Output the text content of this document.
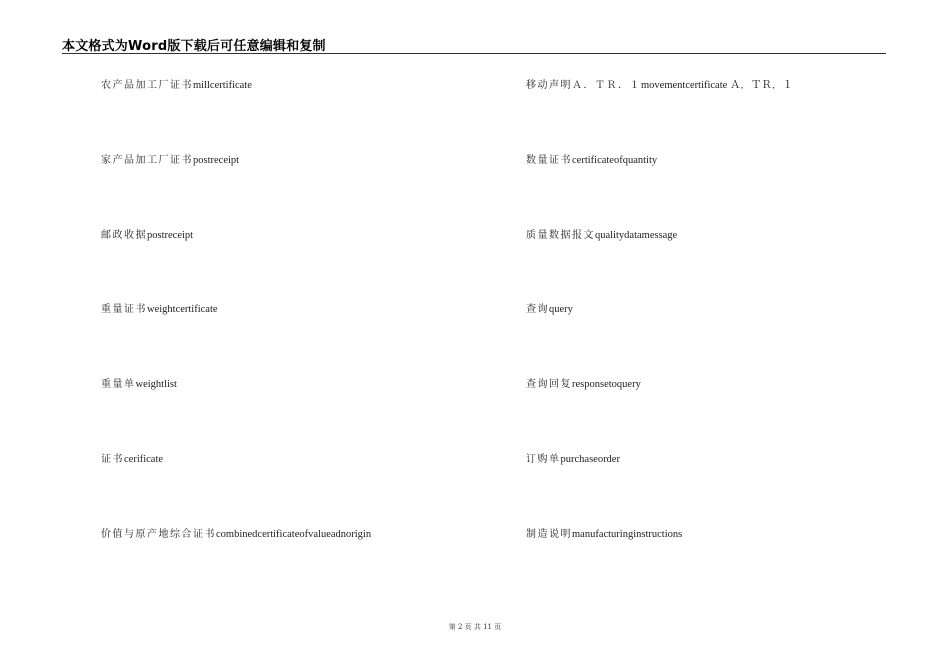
本文格式为Word版下载后可任意编辑和复制
农产品加工厂证书millcertificate
家产品加工厂证书postreceipt
邮政收据postreceipt
重量证书weightcertificate
重量单weightlist
证书cerificate
价值与原产地综合证书combinedcertificateofvalueadnorigin
移动声明Ａ．ＴＲ．１movementcertificate Ａ．ＴＲ．１
数量证书certificateofquantity
质量数据报文qualitydatamessage
查询query
查询回复responsetoquery
订购单purchaseorder
制造说明manufacturinginstructions
第 2 页 共 11 页
